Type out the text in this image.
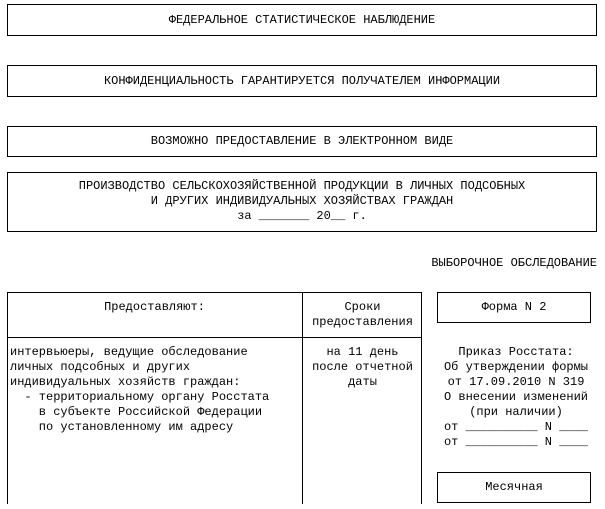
ФЕДЕРАЛЬНОЕ СТАТИСТИЧЕСКОЕ НАБЛЮДЕНИЕ
КОНФИДЕНЦИАЛЬНОСТЬ ГАРАНТИРУЕТСЯ ПОЛУЧАТЕЛЕМ ИНФОРМАЦИИ
ВОЗМОЖНО ПРЕДОСТАВЛЕНИЕ В ЭЛЕКТРОННОМ ВИДЕ
ПРОИЗВОДСТВО СЕЛЬСКОХОЗЯЙСТВЕННОЙ ПРОДУКЦИИ В ЛИЧНЫХ ПОДСОБНЫХ
И ДРУГИХ ИНДИВИДУАЛЬНЫХ ХОЗЯЙСТВАХ ГРАЖДАН
за _______ 20__ г.
ВЫБОРОЧНОЕ ОБСЛЕДОВАНИЕ
Предоставляют:	Сроки
предоставления
интервьюеры, ведущие обследование
личных подсобных и других
индивидуальных хозяйств граждан:
- территориальному органу Росстата
в субъекте Российской Федерации
по установленному им адресу
на 11 день
после отчетной
даты
Форма N 2
Приказ Росстата:
Об утверждении формы
от 17.09.2010 N 319
О внесении изменений
(при наличии)
от __________ N ____
от __________ N ____
Месячная
